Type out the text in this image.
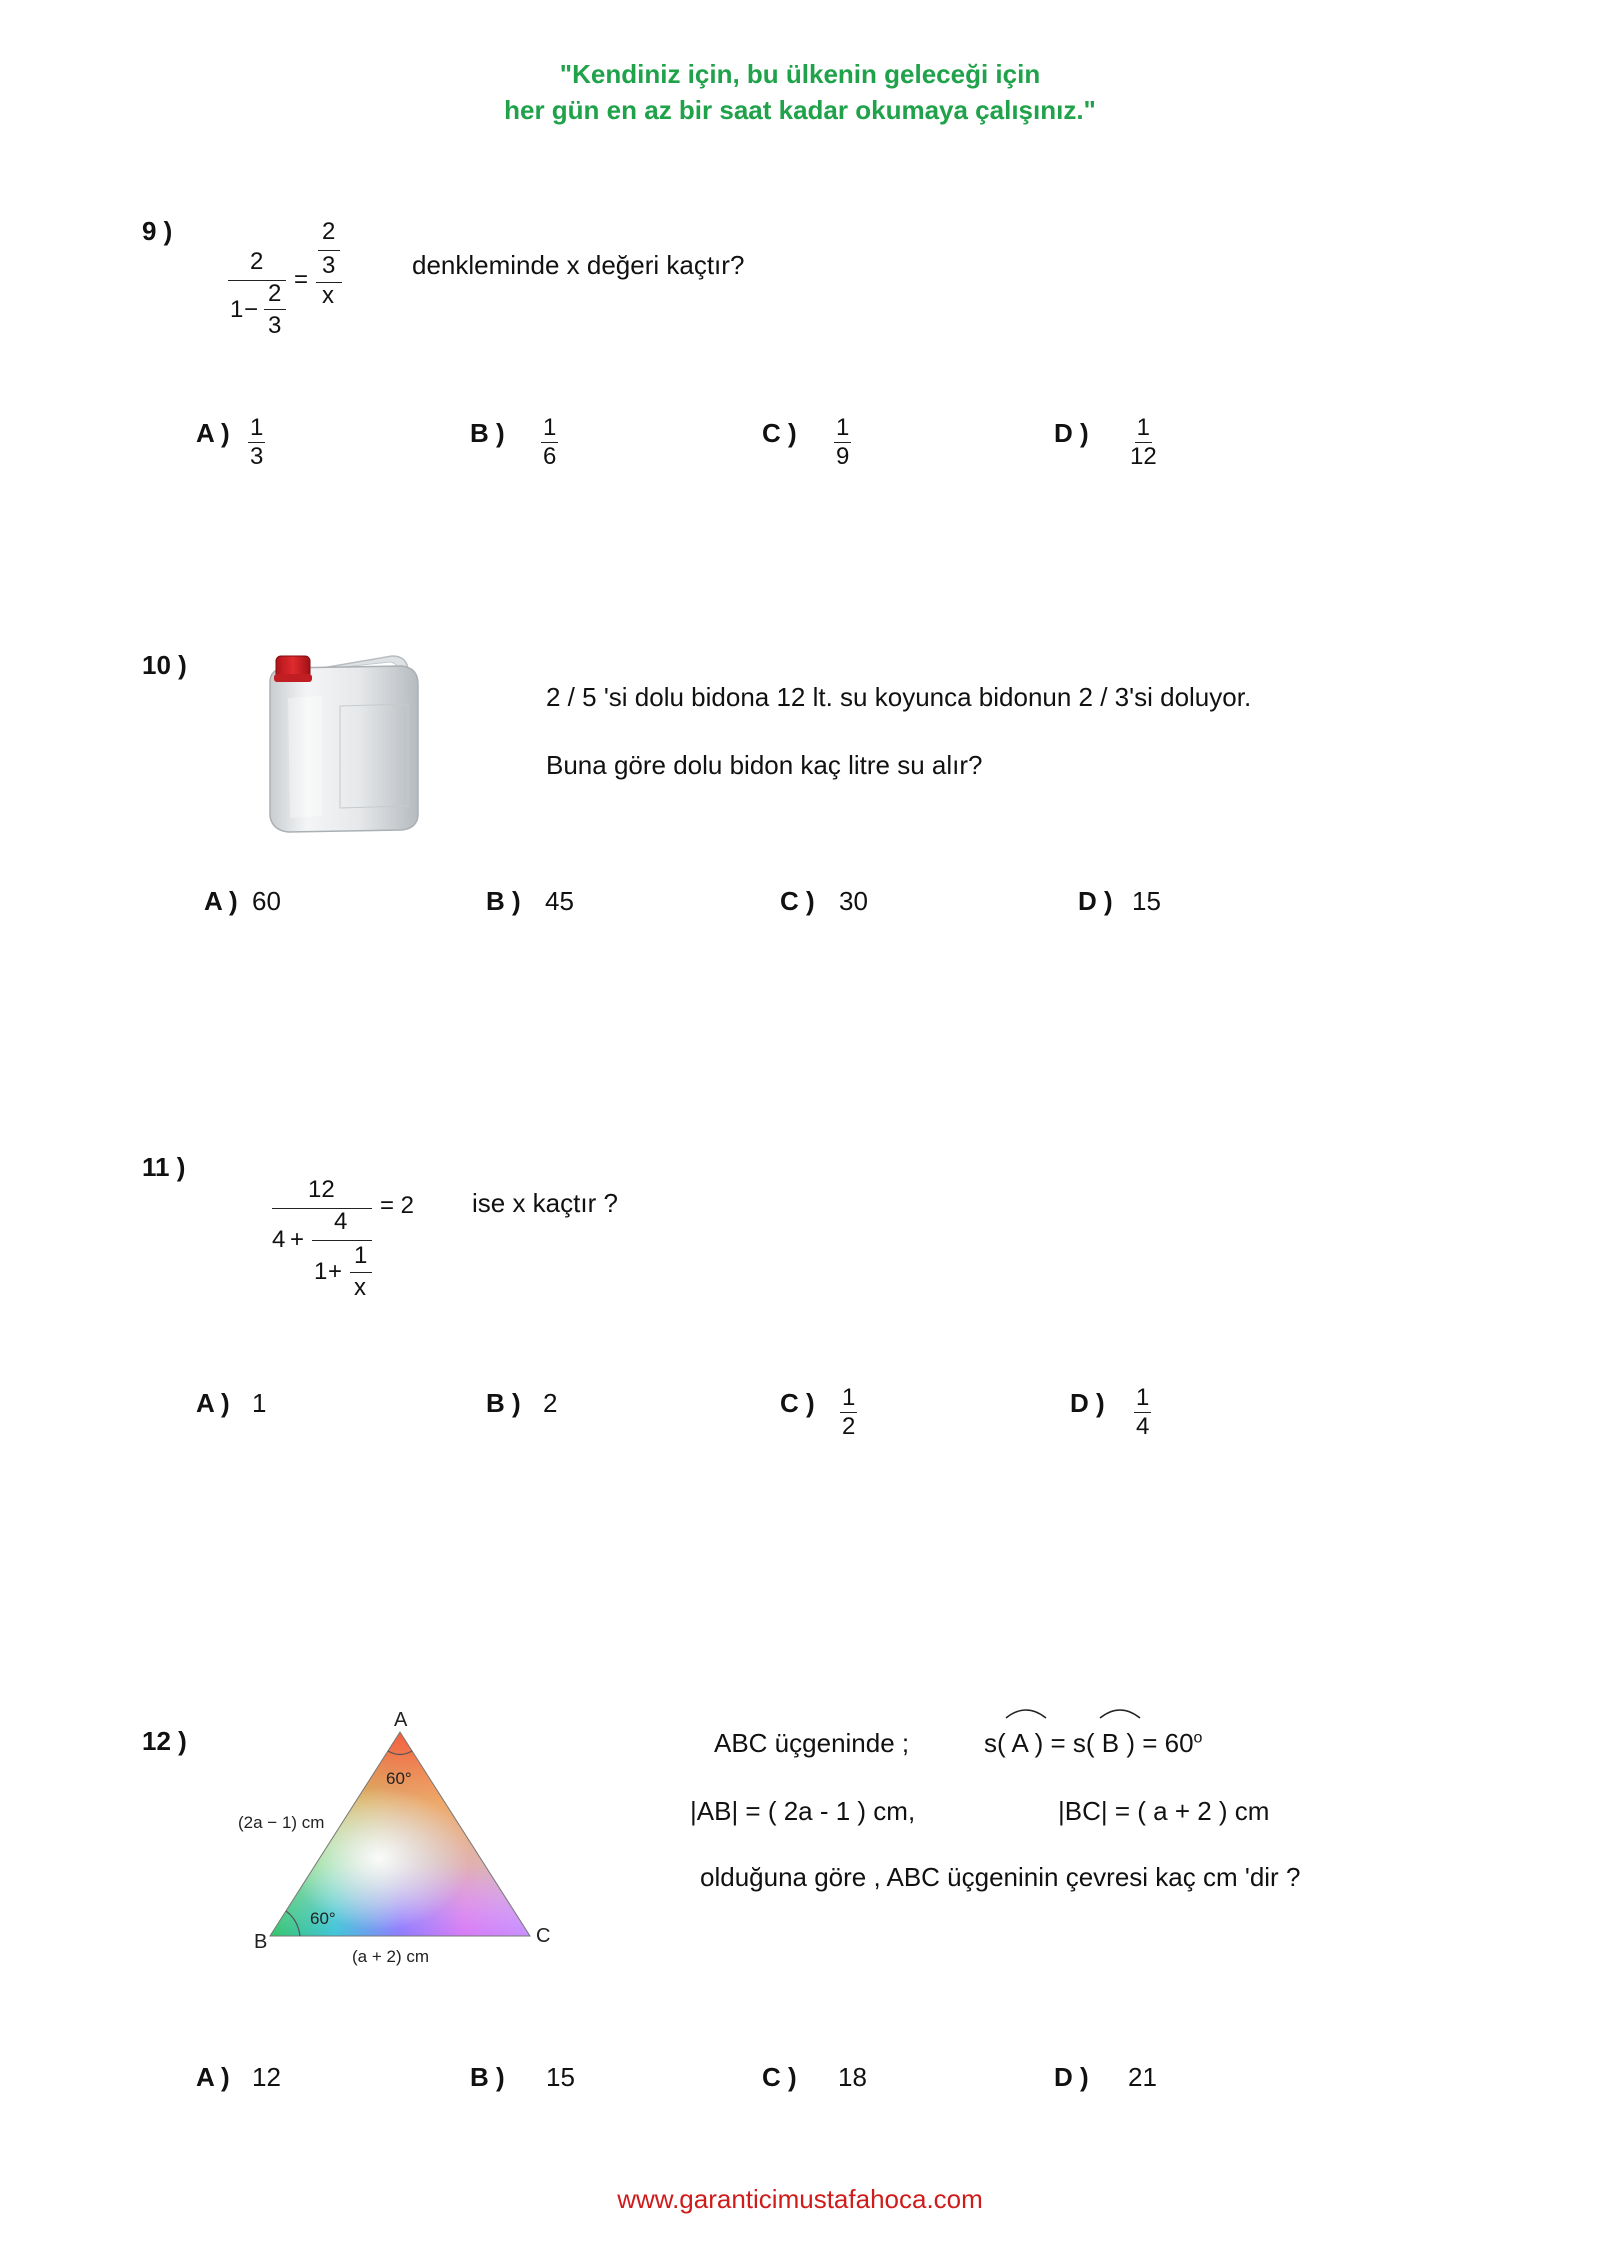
"Kendiniz için, bu ülkenin geleceği için
her gün en az bir saat kadar okumaya çalışınız."
9 )
2
1 −
2
3
=
2
3
x
denkleminde x değeri kaçtır?
A ) $\frac{1}{3}$	B ) $\frac{1}{6}$	C ) $\frac{1}{9}$	D ) $\frac{1}{12}$
10 )
2 / 5 'si dolu bidona 12 lt. su koyunca bidonun 2 / 3'si doluyor.
Buna göre dolu bidon kaç litre su alır?
A ) 60	B ) 45	C ) 30	D ) 15
11 )
12
= 2
4 +
4
1 +
1
x
ise x kaçtır ?
A ) 1	B ) 2	C ) $\frac{1}{2}$	D ) $\frac{1}{4}$
12 )
A
B	C
60°
60°
(2a − 1) cm
(a + 2) cm
ABC üçgeninde ;	s( A ) = s( B ) = $60^o$
|AB| = ( 2a - 1 ) cm,	|BC| = ( a + 2 ) cm
olduğuna göre , ABC üçgeninin çevresi kaç cm 'dir ?
A ) 12	B ) 15	C ) 18	D ) 21
www.garanticimustafahoca.com
